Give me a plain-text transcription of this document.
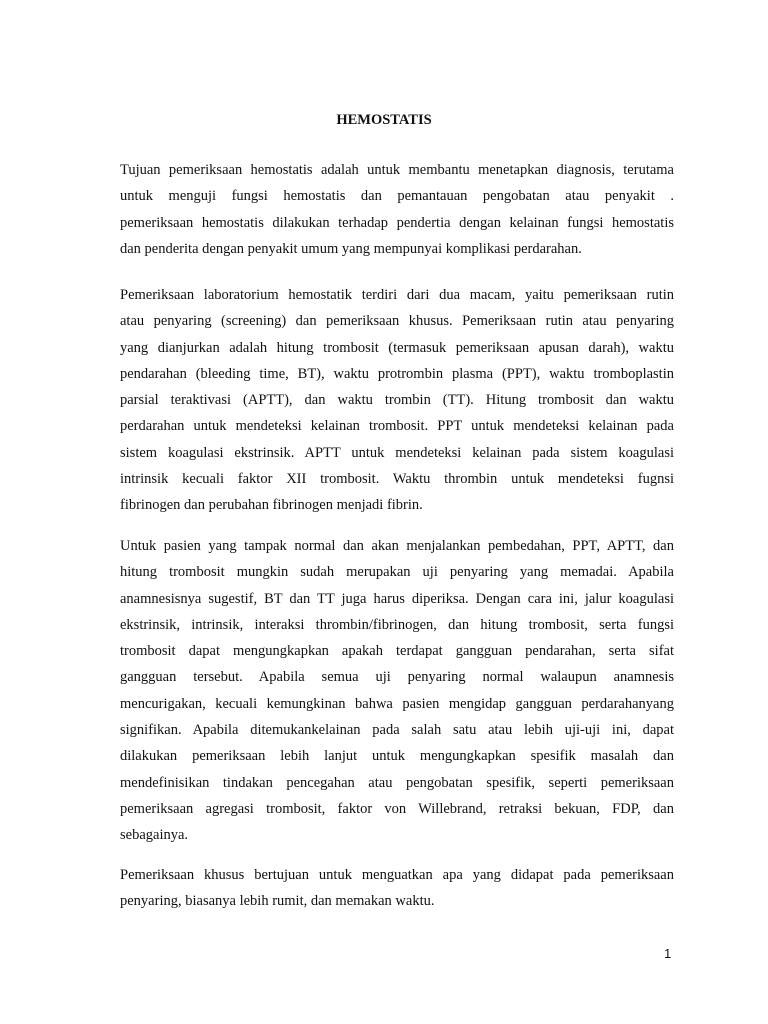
HEMOSTATIS

Tujuan pemeriksaan hemostatis adalah untuk membantu menetapkan diagnosis, terutama
untuk menguji fungsi hemostatis dan pemantauan pengobatan atau penyakit .
pemeriksaan hemostatis dilakukan terhadap pendertia dengan kelainan fungsi hemostatis
dan penderita dengan penyakit umum yang mempunyai komplikasi perdarahan.

Pemeriksaan laboratorium hemostatik terdiri dari dua macam, yaitu pemeriksaan rutin
atau penyaring (screening) dan pemeriksaan khusus. Pemeriksaan rutin atau penyaring
yang dianjurkan adalah hitung trombosit (termasuk pemeriksaan apusan darah), waktu
pendarahan (bleeding time, BT), waktu protrombin plasma (PPT), waktu tromboplastin
parsial teraktivasi (APTT), dan waktu trombin (TT). Hitung trombosit dan waktu
perdarahan untuk mendeteksi kelainan trombosit. PPT untuk mendeteksi kelainan pada
sistem koagulasi ekstrinsik. APTT untuk mendeteksi kelainan pada sistem koagulasi
intrinsik kecuali faktor XII trombosit. Waktu thrombin untuk mendeteksi fugnsi
fibrinogen dan perubahan fibrinogen menjadi fibrin.

Untuk pasien yang tampak normal dan akan menjalankan pembedahan, PPT, APTT, dan
hitung trombosit mungkin sudah merupakan uji penyaring yang memadai. Apabila
anamnesisnya sugestif, BT dan TT juga harus diperiksa. Dengan cara ini, jalur koagulasi
ekstrinsik, intrinsik, interaksi thrombin/fibrinogen, dan hitung trombosit, serta fungsi
trombosit dapat mengungkapkan apakah terdapat gangguan pendarahan, serta sifat
gangguan tersebut. Apabila semua uji penyaring normal walaupun anamnesis
mencurigakan, kecuali kemungkinan bahwa pasien mengidap gangguan perdarahanyang
signifikan. Apabila ditemukankelainan pada salah satu atau lebih uji-uji ini, dapat
dilakukan pemeriksaan lebih lanjut untuk mengungkapkan spesifik masalah dan
mendefinisikan tindakan pencegahan atau pengobatan spesifik, seperti pemeriksaan
pemeriksaan agregasi trombosit, faktor von Willebrand, retraksi bekuan, FDP, dan
sebagainya.

Pemeriksaan khusus bertujuan untuk menguatkan apa yang didapat pada pemeriksaan
penyaring, biasanya lebih rumit, dan memakan waktu.

1
